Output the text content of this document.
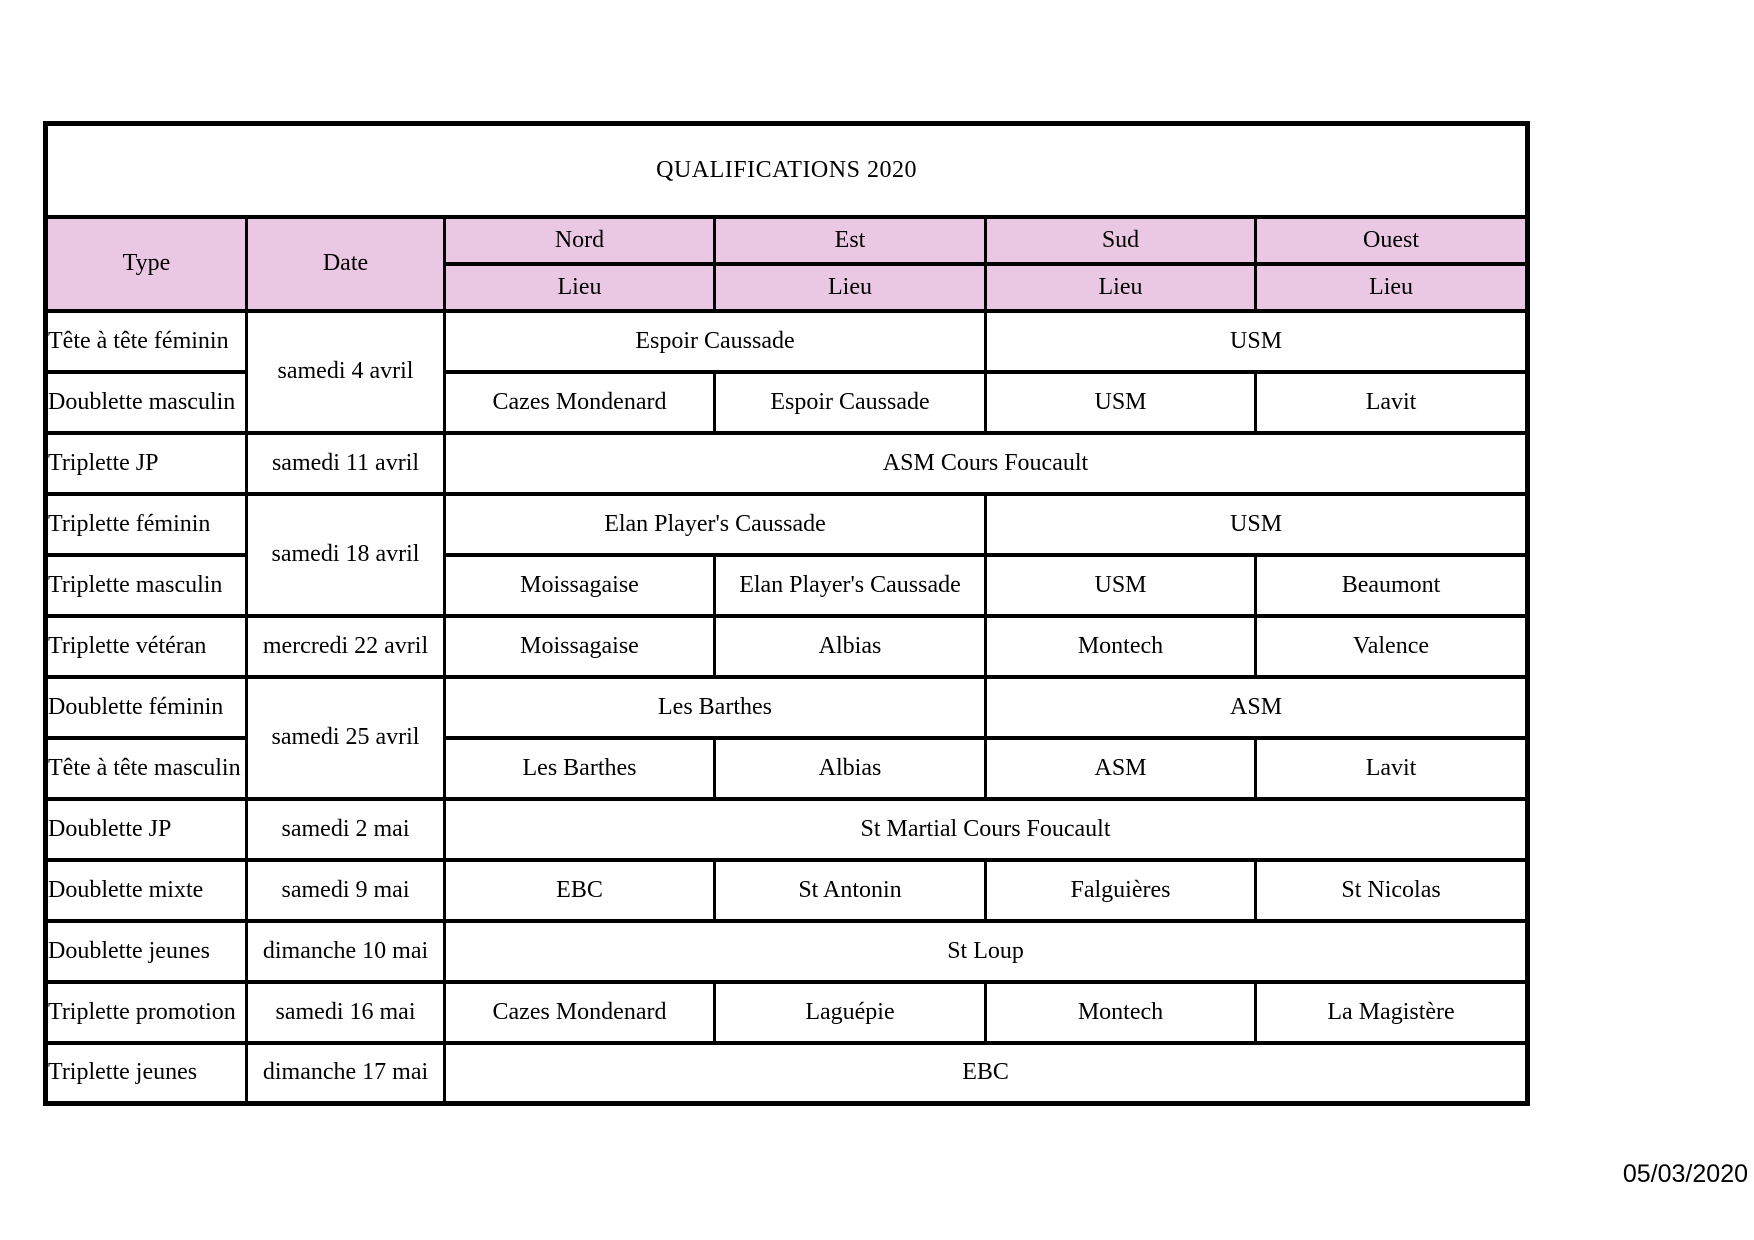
QUALIFICATIONS 2020					
Type	Date	Nord	Est	Sud	Ouest
		Lieu	Lieu	Lieu	Lieu
Tête à tête féminin	samedi 4 avril	Espoir Caussade		USM	
Doublette masculin		Cazes Mondenard	Espoir Caussade	USM	Lavit
Triplette JP	samedi 11 avril	ASM Cours Foucault			
Triplette féminin	samedi 18 avril	Elan Player's Caussade		USM	
Triplette masculin		Moissagaise	Elan Player's Caussade	USM	Beaumont
Triplette vétéran	mercredi 22 avril	Moissagaise	Albias	Montech	Valence
Doublette féminin	samedi 25 avril	Les Barthes		ASM	
Tête à tête masculin		Les Barthes	Albias	ASM	Lavit
Doublette JP	samedi 2 mai	St Martial Cours Foucault			
Doublette mixte	samedi 9 mai	EBC	St Antonin	Falguières	St Nicolas
Doublette jeunes	dimanche 10 mai	St Loup			
Triplette promotion	samedi 16 mai	Cazes Mondenard	Laguépie	Montech	La Magistère
Triplette jeunes	dimanche 17 mai	EBC			
05/03/2020
